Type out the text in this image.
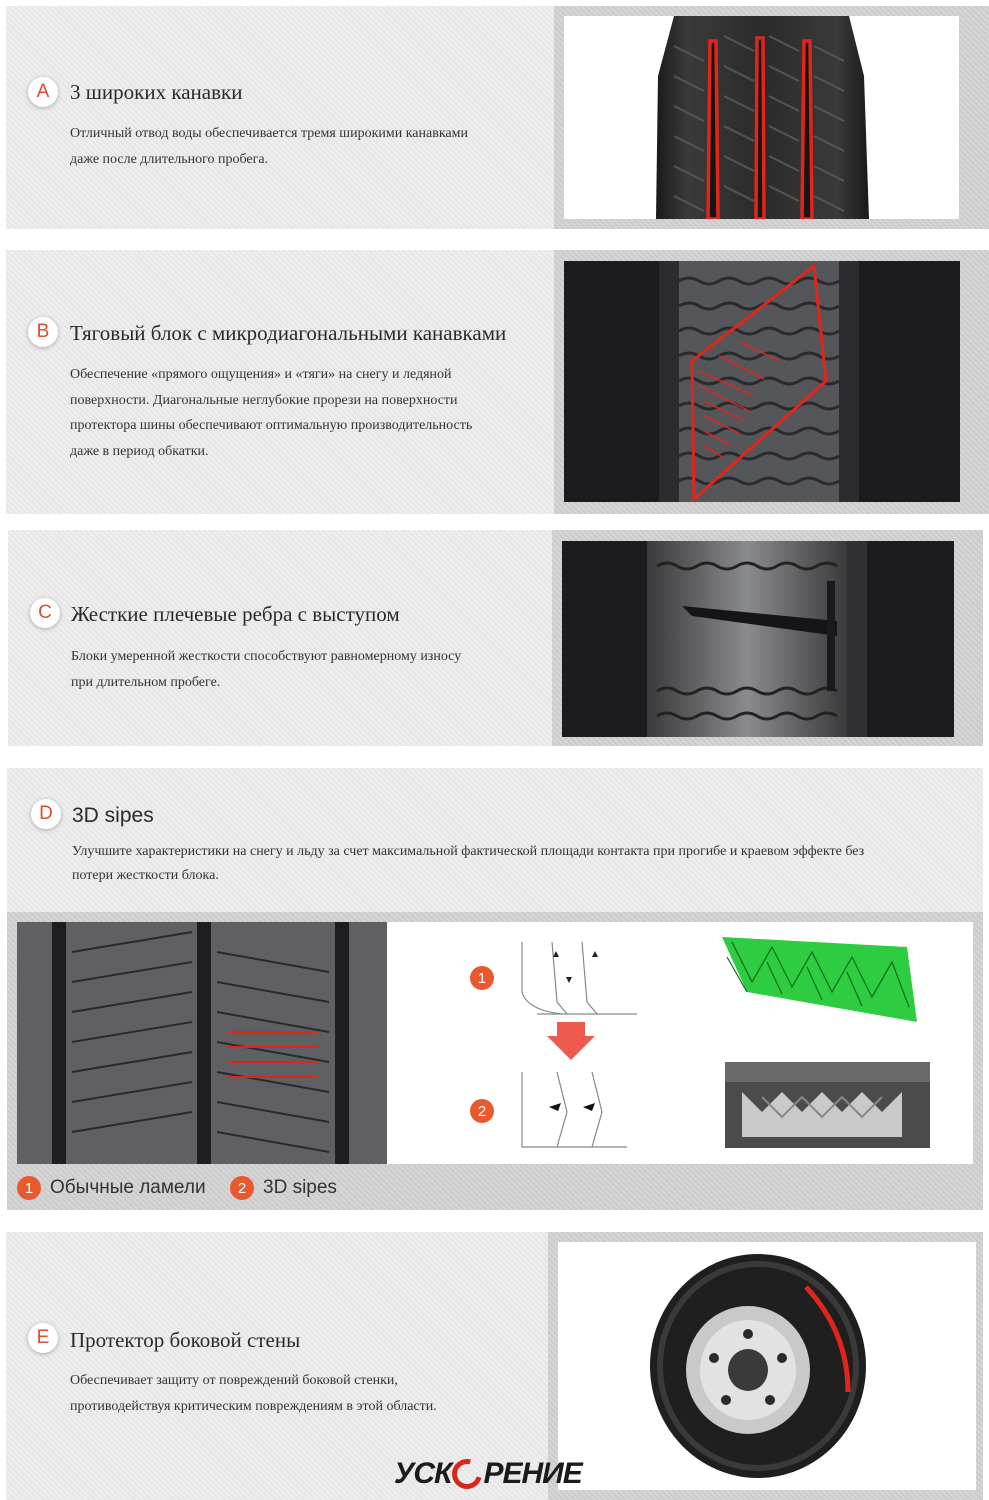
A 3 широких канавки
Отличный отвод воды обеспечивается тремя широкими канавками
даже после длительного пробега.
B Тяговый блок с микродиагональными канавками
Обеспечение «прямого ощущения» и «тяги» на снегу и ледяной
поверхности. Диагональные неглубокие прорези на поверхности
протектора шины обеспечивают оптимальную производительность
даже в период обкатки.
C Жесткие плечевые ребра с выступом
Блоки умеренной жесткости способствуют равномерному износу
при длительном пробеге.
D 3D sipes
Улучшите характеристики на снегу и льду за счет максимальной фактической площади контакта при прогибе и краевом эффекте без
потери жесткости блока.
1
2
1 Обычные ламели	2 3D sipes
E Протектор боковой стены
Обеспечивает защиту от повреждений боковой стенки,
противодействуя критическим повреждениям в этой области.
УСК РЕНИЕ
